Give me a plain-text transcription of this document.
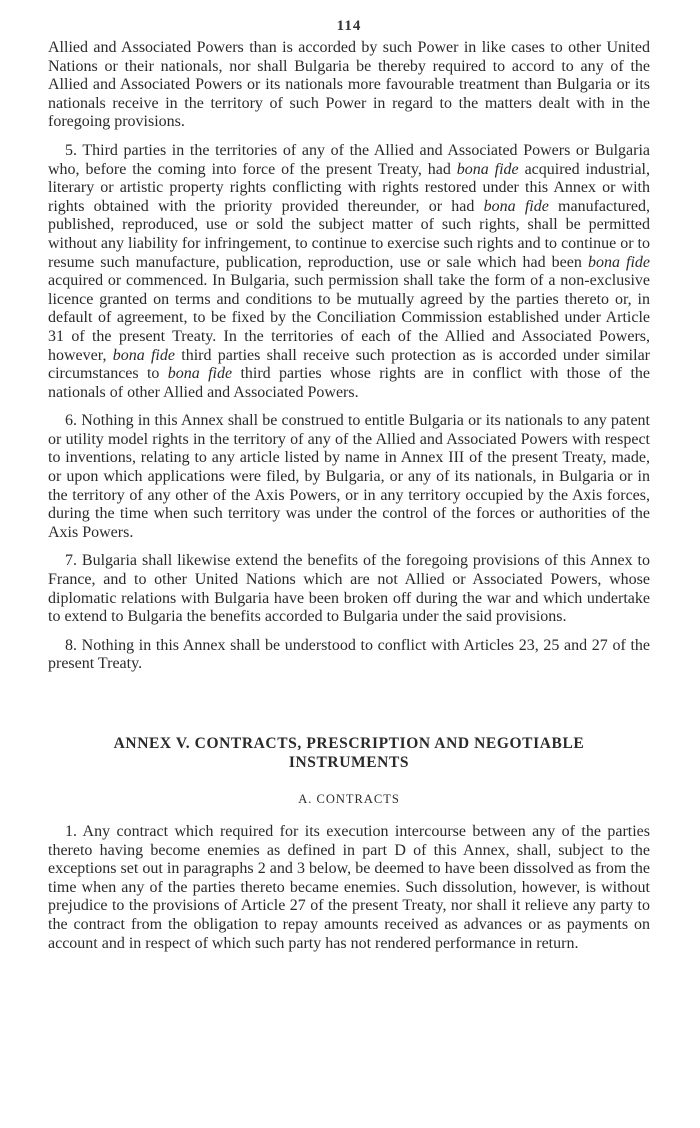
114

Allied and Associated Powers than is accorded by such Power in like cases to other United Nations or their nationals, nor shall Bulgaria be thereby required to accord to any of the Allied and Associated Powers or its nationals more favourable treatment than Bulgaria or its nationals receive in the territory of such Power in regard to the matters dealt with in the foregoing provisions.

5. Third parties in the territories of any of the Allied and Associated Powers or Bulgaria who, before the coming into force of the present Treaty, had bona fide acquired industrial, literary or artistic property rights conflicting with rights restored under this Annex or with rights obtained with the priority provided thereunder, or had bona fide manufactured, published, reproduced, use or sold the subject matter of such rights, shall be permitted without any liability for infringement, to continue to exercise such rights and to continue or to resume such manufacture, publication, reproduction, use or sale which had been bona fide acquired or commenced. In Bulgaria, such permission shall take the form of a non-exclusive licence granted on terms and conditions to be mutually agreed by the parties thereto or, in default of agreement, to be fixed by the Conciliation Commission established under Article 31 of the present Treaty. In the territories of each of the Allied and Associated Powers, however, bona fide third parties shall receive such protection as is accorded under similar circumstances to bona fide third parties whose rights are in conflict with those of the nationals of other Allied and Associated Powers.

6. Nothing in this Annex shall be construed to entitle Bulgaria or its nationals to any patent or utility model rights in the territory of any of the Allied and Associated Powers with respect to inventions, relating to any article listed by name in Annex III of the present Treaty, made, or upon which applications were filed, by Bulgaria, or any of its nationals, in Bulgaria or in the territory of any other of the Axis Powers, or in any territory occupied by the Axis forces, during the time when such territory was under the control of the forces or authorities of the Axis Powers.

7. Bulgaria shall likewise extend the benefits of the foregoing provisions of this Annex to France, and to other United Nations which are not Allied or Associated Powers, whose diplomatic relations with Bulgaria have been broken off during the war and which undertake to extend to Bulgaria the benefits accorded to Bulgaria under the said provisions.

8. Nothing in this Annex shall be understood to conflict with Articles 23, 25 and 27 of the present Treaty.

ANNEX V. CONTRACTS, PRESCRIPTION AND NEGOTIABLE

INSTRUMENTS

A. CONTRACTS

1. Any contract which required for its execution intercourse between any of the parties thereto having become enemies as defined in part D of this Annex, shall, subject to the exceptions set out in paragraphs 2 and 3 below, be deemed to have been dissolved as from the time when any of the parties thereto became enemies. Such dissolution, however, is without prejudice to the provisions of Article 27 of the present Treaty, nor shall it relieve any party to the contract from the obligation to repay amounts received as advances or as payments on account and in respect of which such party has not rendered performance in return.
